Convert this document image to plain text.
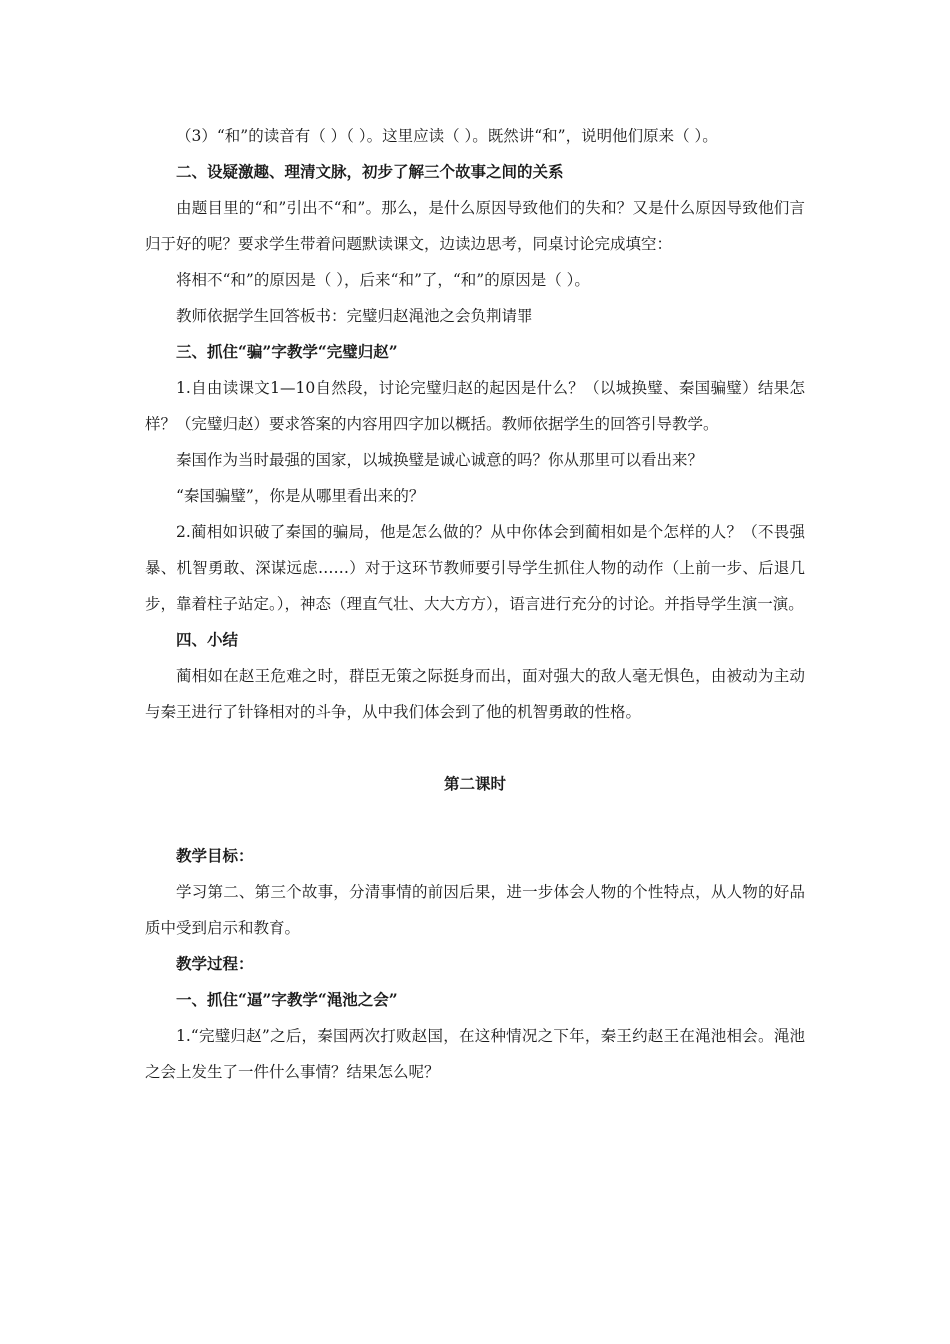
（3）“和”的读音有（ ）（ ）。这里应读（ ）。既然讲“和”，说明他们原来（ ）。

二、设疑激趣、理清文脉，初步了解三个故事之间的关系

由题目里的“和”引出不“和”。那么，是什么原因导致他们的失和？又是什么原因导致他们言归于好的呢？要求学生带着问题默读课文，边读边思考，同桌讨论完成填空：

将相不“和”的原因是（ ），后来“和”了，“和”的原因是（ ）。

教师依据学生回答板书：完璧归赵渑池之会负荆请罪

三、抓住“骗”字教学“完璧归赵”

1.自由读课文1—10自然段，讨论完璧归赵的起因是什么？（以城换璧、秦国骗璧）结果怎样？（完璧归赵）要求答案的内容用四字加以概括。教师依据学生的回答引导教学。

秦国作为当时最强的国家，以城换璧是诚心诚意的吗？你从那里可以看出来？

“秦国骗璧”，你是从哪里看出来的？

2.蔺相如识破了秦国的骗局，他是怎么做的？从中你体会到蔺相如是个怎样的人？（不畏强暴、机智勇敢、深谋远虑……）对于这环节教师要引导学生抓住人物的动作（上前一步、后退几步，靠着柱子站定。），神态（理直气壮、大大方方），语言进行充分的讨论。并指导学生演一演。

四、小结

蔺相如在赵王危难之时，群臣无策之际挺身而出，面对强大的敌人毫无惧色，由被动为主动与秦王进行了针锋相对的斗争，从中我们体会到了他的机智勇敢的性格。

第二课时

教学目标：

学习第二、第三个故事，分清事情的前因后果，进一步体会人物的个性特点，从人物的好品质中受到启示和教育。

教学过程：

一、抓住“逼”字教学“渑池之会”

1.“完璧归赵”之后，秦国两次打败赵国，在这种情况之下年，秦王约赵王在渑池相会。渑池之会上发生了一件什么事情？结果怎么呢？
